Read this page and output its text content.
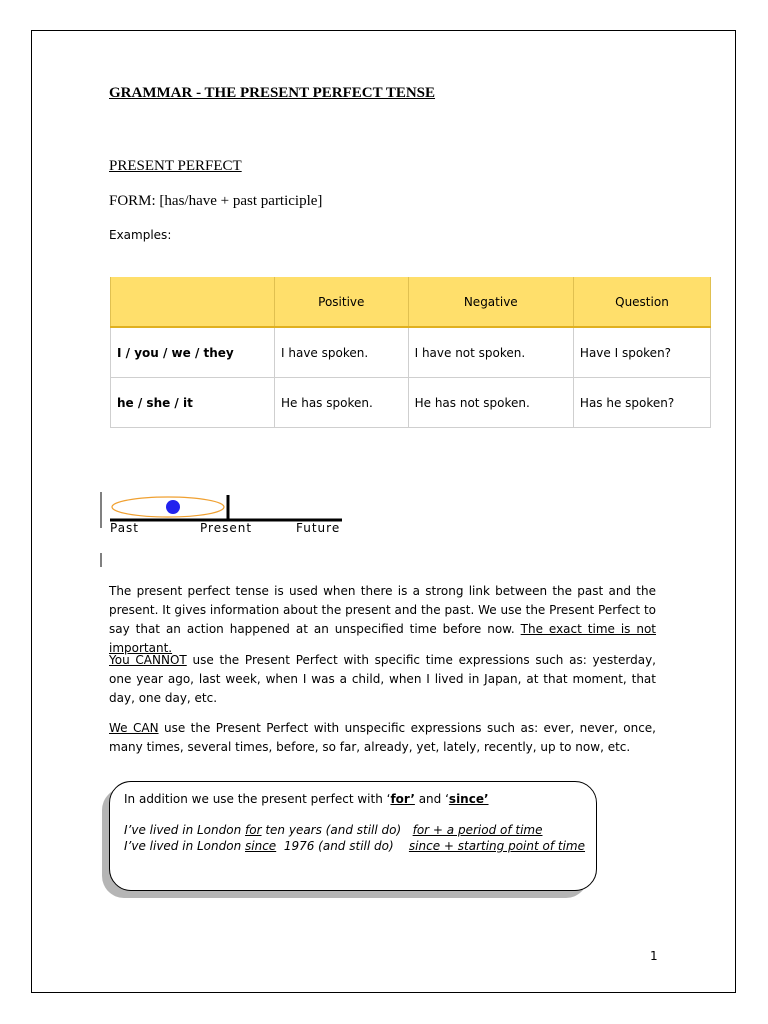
GRAMMAR - THE PRESENT PERFECT TENSE
PRESENT PERFECT
FORM: [has/have + past participle]
Examples:
	Positive	Negative	Question
I / you / we / they	I have spoken.	I have not spoken.	Have I spoken?
he / she / it	He has spoken.	He has not spoken.	Has he spoken?
Past	Present	Future
The present perfect tense is used when there is a strong link between the past and the present. It gives information about the present and the past. We use the Present Perfect to say that an action happened at an unspecified time before now. The exact time is not important.
You CANNOT use the Present Perfect with specific time expressions such as: yesterday, one year ago, last week, when I was a child, when I lived in Japan, at that moment, that day, one day, etc.
We CAN use the Present Perfect with unspecific expressions such as: ever, never, once, many times, several times, before, so far, already, yet, lately, recently, up to now, etc.
In addition we use the present perfect with ‘for’ and ‘since’
I’ve lived in London for ten years (and still do)   for + a period of time
I’ve lived in London since  1976 (and still do)    since + starting point of time
1
